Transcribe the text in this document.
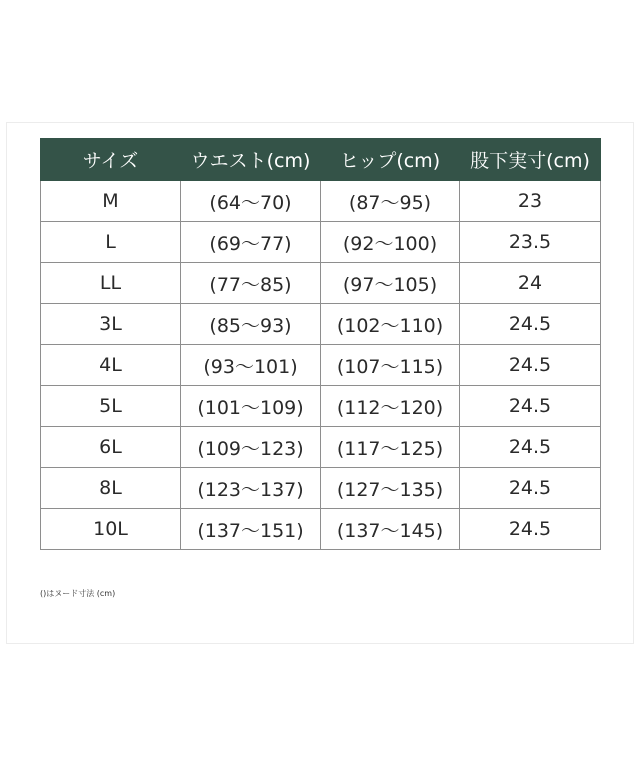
サイズ	ウエスト(cm)	ヒップ(cm)	股下実寸(cm)
M	(64～70)	(87～95)	23
L	(69～77)	(92～100)	23.5
LL	(77～85)	(97～105)	24
3L	(85～93)	(102～110)	24.5
4L	(93～101)	(107～115)	24.5
5L	(101～109)	(112～120)	24.5
6L	(109～123)	(117～125)	24.5
8L	(123～137)	(127～135)	24.5
10L	(137～151)	(137～145)	24.5
()はヌード寸法 (cm)
